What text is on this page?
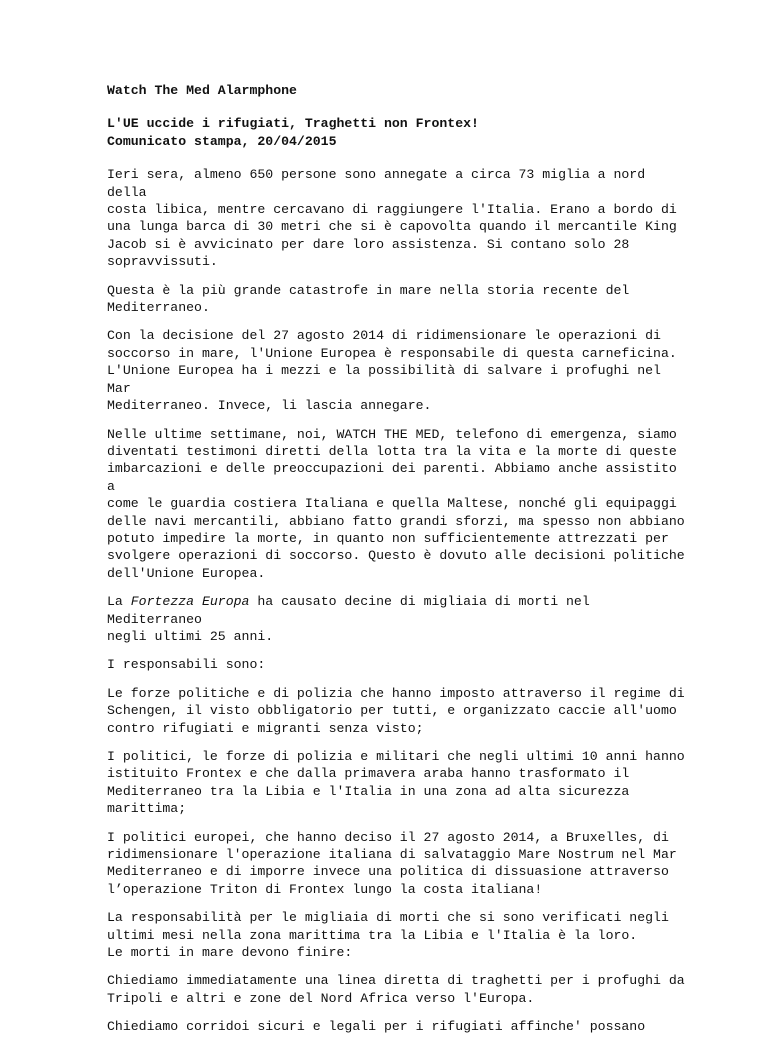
Watch The Med Alarmphone

L'UE uccide i rifugiati, Traghetti non Frontex!
Comunicato stampa, 20/04/2015

Ieri sera, almeno 650 persone sono annegate a circa 73 miglia a nord della
costa libica, mentre cercavano di raggiungere l'Italia. Erano a bordo di
una lunga barca di 30 metri che si è capovolta quando il mercantile King
Jacob si è avvicinato per dare loro assistenza. Si contano solo 28
sopravvissuti.

Questa è la più grande catastrofe in mare nella storia recente del
Mediterraneo.

Con la decisione del 27 agosto 2014 di ridimensionare le operazioni di
soccorso in mare, l'Unione Europea è responsabile di questa carneficina.
L'Unione Europea ha i mezzi e la possibilità di salvare i profughi nel Mar
Mediterraneo. Invece, li lascia annegare.

Nelle ultime settimane, noi, WATCH THE MED, telefono di emergenza, siamo
diventati testimoni diretti della lotta tra la vita e la morte di queste
imbarcazioni e delle preoccupazioni dei parenti. Abbiamo anche assistito a
come le guardia costiera Italiana e quella Maltese, nonché gli equipaggi
delle navi mercantili, abbiano fatto grandi sforzi, ma spesso non abbiano
potuto impedire la morte, in quanto non sufficientemente attrezzati per
svolgere operazioni di soccorso. Questo è dovuto alle decisioni politiche
dell'Unione Europea.

La Fortezza Europa ha causato decine di migliaia di morti nel Mediterraneo
negli ultimi 25 anni.

I responsabili sono:

Le forze politiche e di polizia che hanno imposto attraverso il regime di
Schengen, il visto obbligatorio per tutti, e organizzato caccie all'uomo
contro rifugiati e migranti senza visto;

I politici, le forze di polizia e militari che negli ultimi 10 anni hanno
istituito Frontex e che dalla primavera araba hanno trasformato il
Mediterraneo tra la Libia e l'Italia in una zona ad alta sicurezza
marittima;

I politici europei, che hanno deciso il 27 agosto 2014, a Bruxelles, di
ridimensionare l'operazione italiana di salvataggio Mare Nostrum nel Mar
Mediterraneo e di imporre invece una politica di dissuasione attraverso
l’operazione Triton di Frontex lungo la costa italiana!

La responsabilità per le migliaia di morti che si sono verificati negli
ultimi mesi nella zona marittima tra la Libia e l'Italia è la loro.
Le morti in mare devono finire:

Chiediamo immediatamente una linea diretta di traghetti per i profughi da
Tripoli e altri e zone del Nord Africa verso l'Europa.

Chiediamo corridoi sicuri e legali per i rifugiati affinche' possano
